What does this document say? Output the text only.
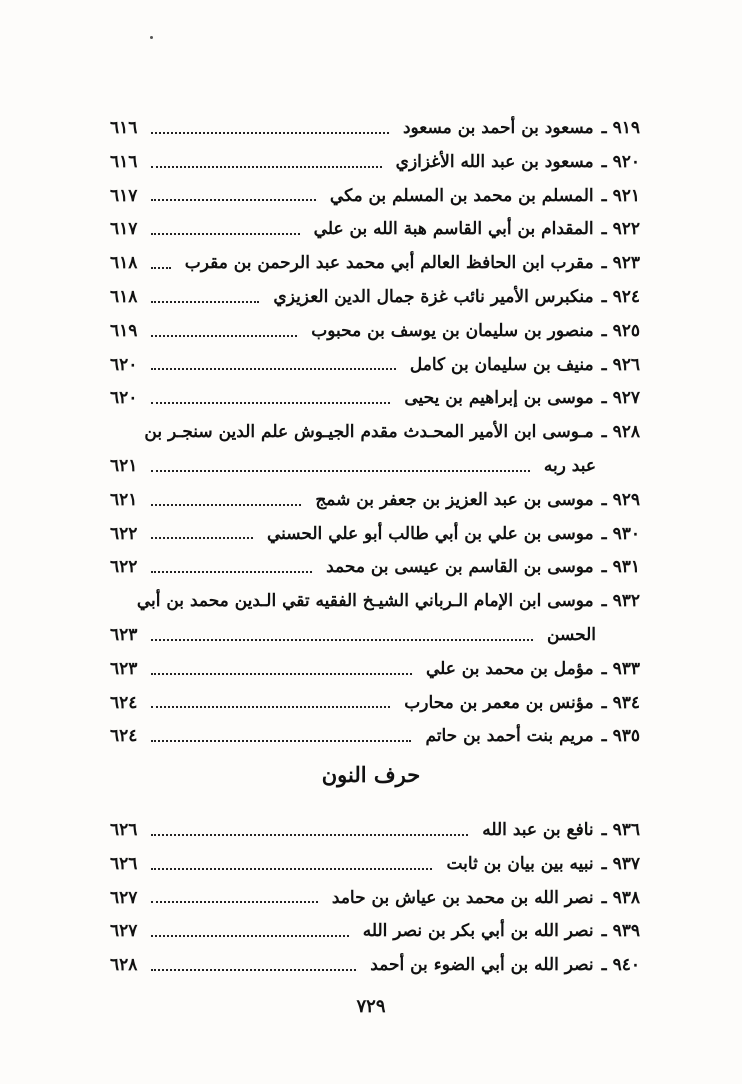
٩١٩
ـ
مسعود بن أحمد بن مسعود
٦١٦
٩٢٠
ـ
مسعود بن عبد الله الأغزازي
٦١٦
٩٢١
ـ
المسلم بن محمد بن المسلم بن مكي
٦١٧
٩٢٢
ـ
المقدام بن أبي القاسم هبة الله بن علي
٦١٧
٩٢٣
ـ
مقرب ابن الحافظ العالم أبي محمد عبد الرحمن بن مقرب
٦١٨
٩٢٤
ـ
منكبرس الأمير نائب غزة جمال الدين العزيزي
٦١٨
٩٢٥
ـ
منصور بن سليمان بن يوسف بن محبوب
٦١٩
٩٢٦
ـ
منيف بن سليمان بن كامل
٦٢٠
٩٢٧
ـ
موسى بن إبراهيم بن يحيى
٦٢٠
٩٢٨
ـ
مـوسى ابن الأمير المحـدث مقدم الجيـوش علم الدين سنجـر بن
عبد ربه
٦٢١
٩٢٩
ـ
موسى بن عبد العزيز بن جعفر بن شمج
٦٢١
٩٣٠
ـ
موسى بن علي بن أبي طالب أبو علي الحسني
٦٢٢
٩٣١
ـ
موسى بن القاسم بن عيسى بن محمد
٦٢٢
٩٣٢
ـ
موسى ابن الإمام الـرباني الشيـخ الفقيه تقي الـدين محمد بن أبي
الحسن
٦٢٣
٩٣٣
ـ
مؤمل بن محمد بن علي
٦٢٣
٩٣٤
ـ
مؤنس بن معمر بن محارب
٦٢٤
٩٣٥
ـ
مريم بنت أحمد بن حاتم
٦٢٤
حرف النون
٩٣٦
ـ
نافع بن عبد الله
٦٢٦
٩٣٧
ـ
نبيه بين بيان بن ثابت
٦٢٦
٩٣٨
ـ
نصر الله بن محمد بن عياش بن حامد
٦٢٧
٩٣٩
ـ
نصر الله بن أبي بكر بن نصر الله
٦٢٧
٩٤٠
ـ
نصر الله بن أبي الضوء بن أحمد
٦٢٨
٧٢٩
